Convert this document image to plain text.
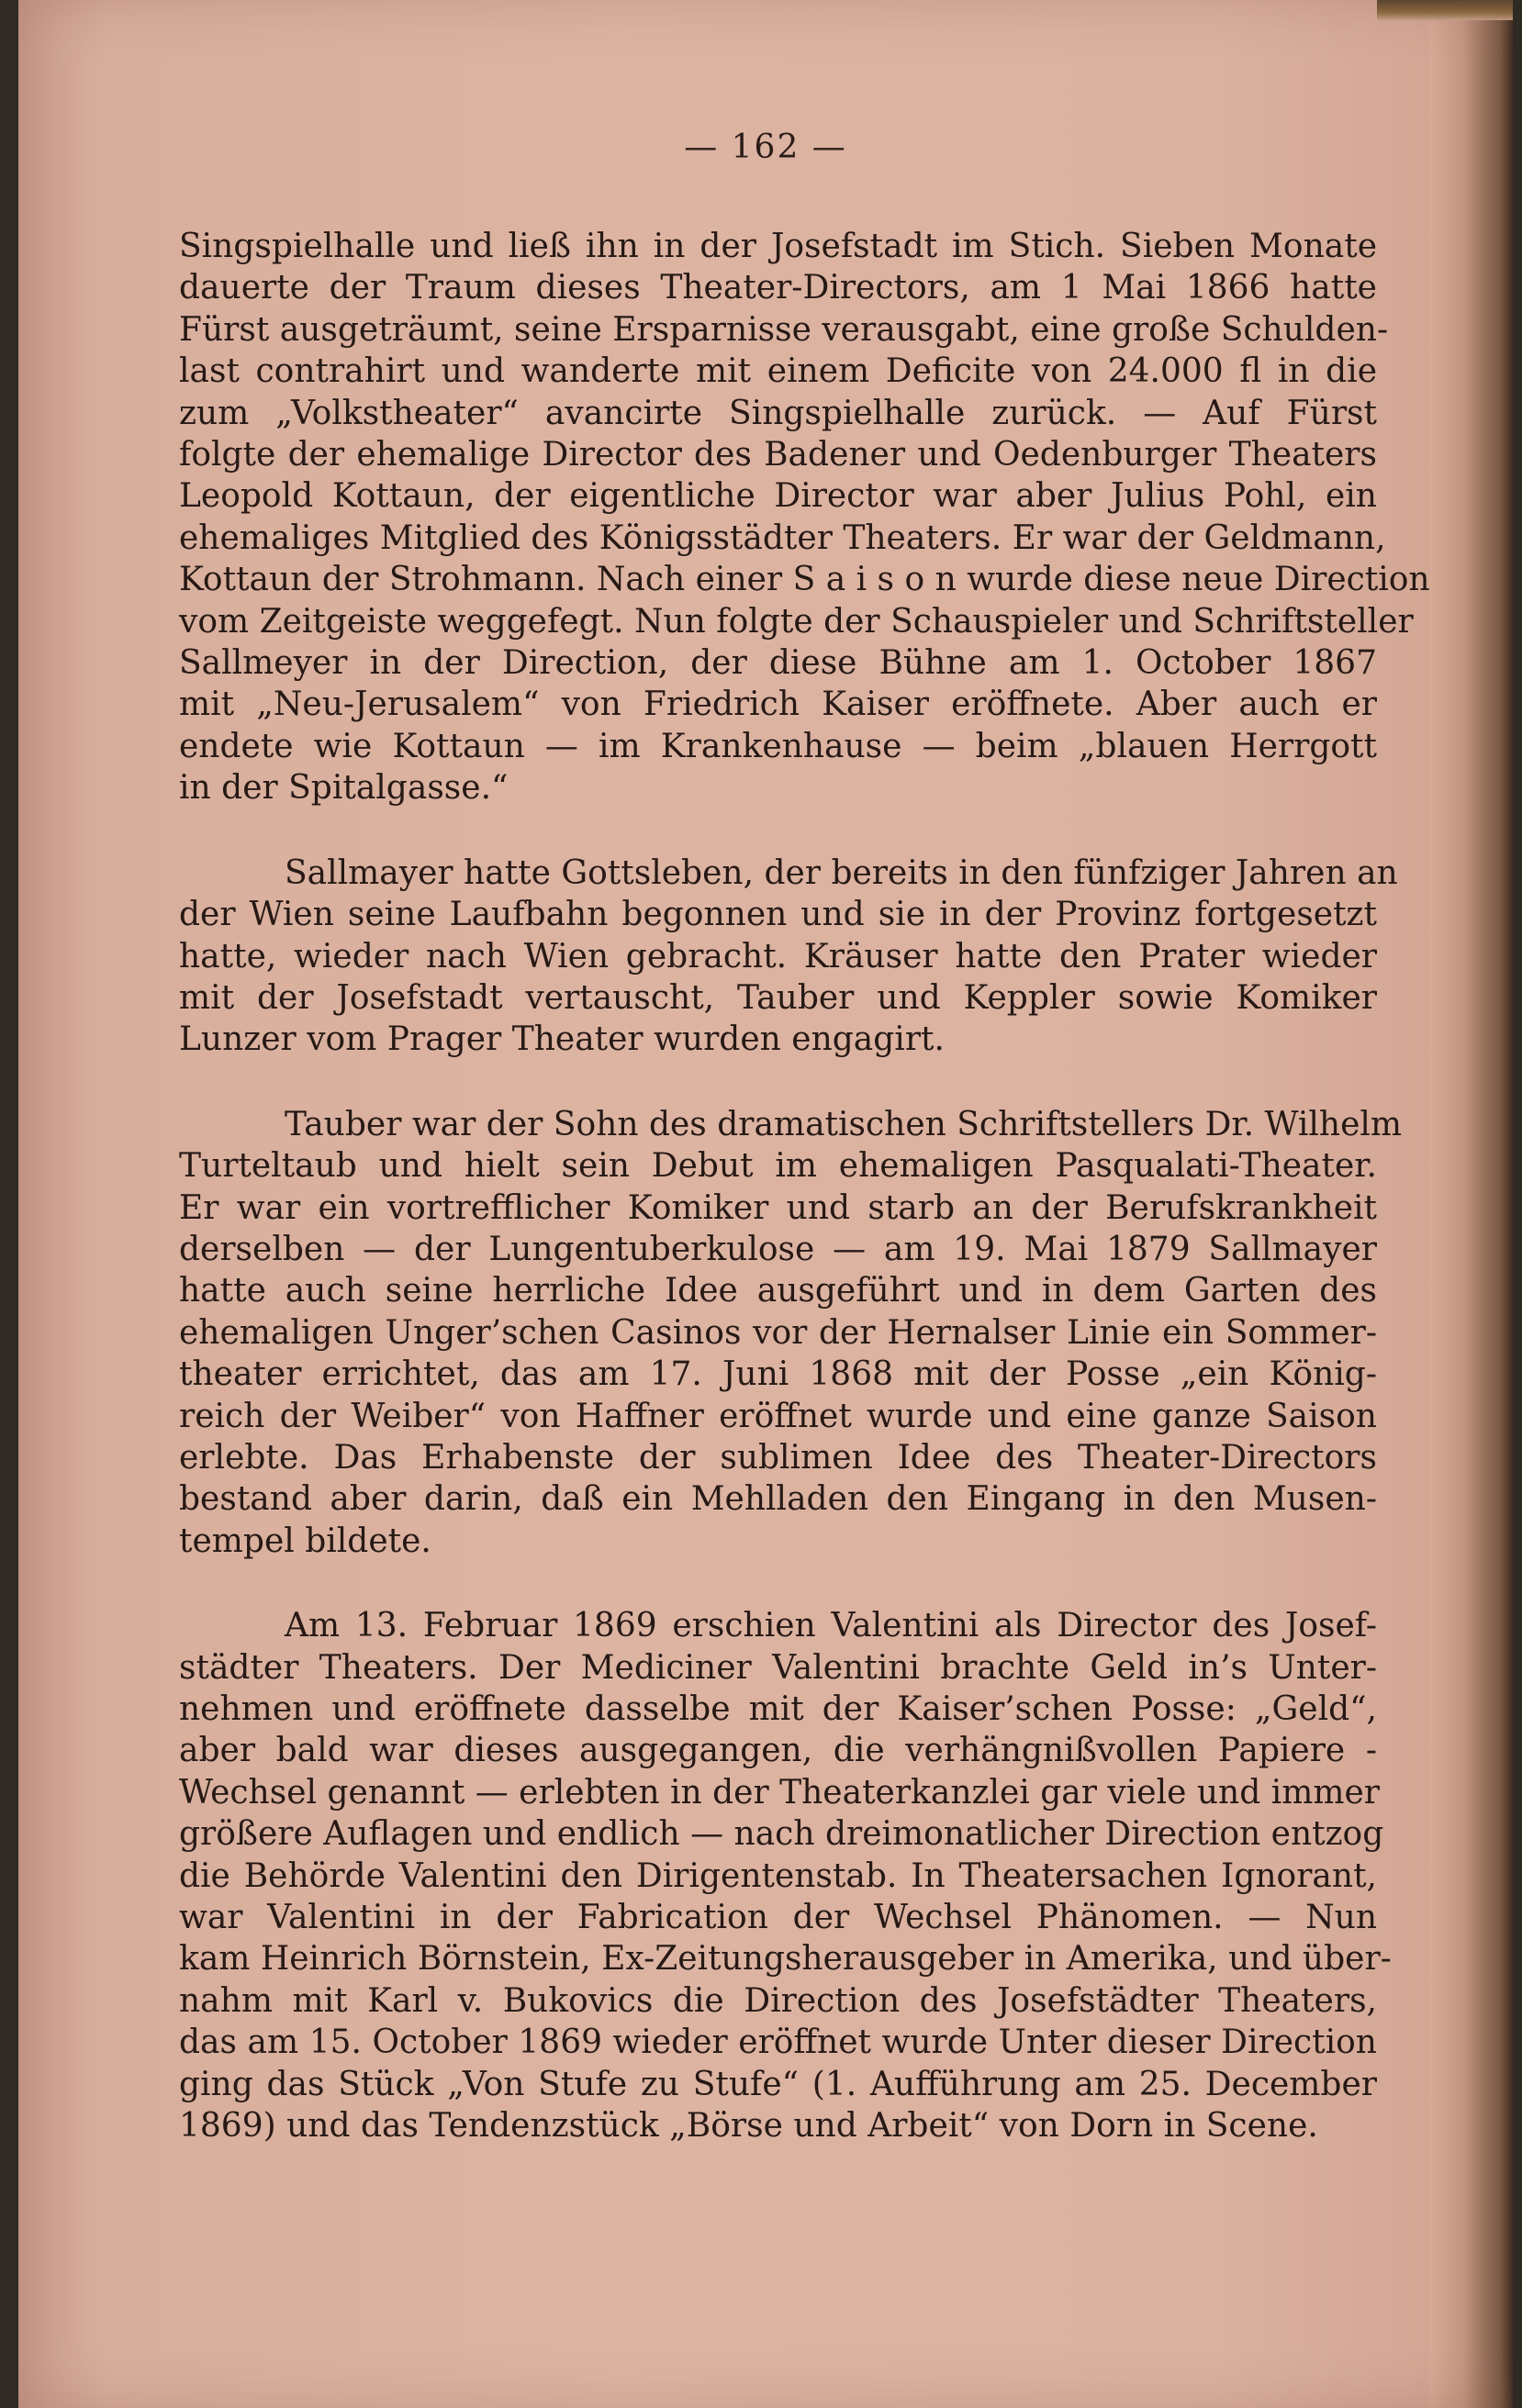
— 162 —
Singspielhalle und ließ ihn in der Josefstadt im Stich. Sieben Monate
dauerte der Traum dieses Theater-Directors, am 1 Mai 1866 hatte
Fürst ausgeträumt, seine Ersparnisse verausgabt, eine große Schulden-
last contrahirt und wanderte mit einem Deficite von 24.000 fl in die
zum „Volkstheater“ avancirte Singspielhalle zurück. — Auf Fürst
folgte der ehemalige Director des Badener und Oedenburger Theaters
Leopold Kottaun, der eigentliche Director war aber Julius Pohl, ein
ehemaliges Mitglied des Königsstädter Theaters. Er war der Geldmann,
Kottaun der Strohmann. Nach einer S a i s o n wurde diese neue Direction
vom Zeitgeiste weggefegt. Nun folgte der Schauspieler und Schriftsteller
Sallmeyer in der Direction, der diese Bühne am 1. October 1867
mit „Neu-Jerusalem“ von Friedrich Kaiser eröffnete. Aber auch er
endete wie Kottaun — im Krankenhause — beim „blauen Herrgott
in der Spitalgasse.“
Sallmayer hatte Gottsleben, der bereits in den fünfziger Jahren an
der Wien seine Laufbahn begonnen und sie in der Provinz fortgesetzt
hatte, wieder nach Wien gebracht. Kräuser hatte den Prater wieder
mit der Josefstadt vertauscht, Tauber und Keppler sowie Komiker
Lunzer vom Prager Theater wurden engagirt.
Tauber war der Sohn des dramatischen Schriftstellers Dr. Wilhelm
Turteltaub und hielt sein Debut im ehemaligen Pasqualati-Theater.
Er war ein vortrefflicher Komiker und starb an der Berufskrankheit
derselben — der Lungentuberkulose — am 19. Mai 1879 Sallmayer
hatte auch seine herrliche Idee ausgeführt und in dem Garten des
ehemaligen Unger’schen Casinos vor der Hernalser Linie ein Sommer-
theater errichtet, das am 17. Juni 1868 mit der Posse „ein König-
reich der Weiber“ von Haffner eröffnet wurde und eine ganze Saison
erlebte. Das Erhabenste der sublimen Idee des Theater-Directors
bestand aber darin, daß ein Mehlladen den Eingang in den Musen-
tempel bildete.
Am 13. Februar 1869 erschien Valentini als Director des Josef-
städter Theaters. Der Mediciner Valentini brachte Geld in’s Unter-
nehmen und eröffnete dasselbe mit der Kaiser’schen Posse: „Geld“,
aber bald war dieses ausgegangen, die verhängnißvollen Papiere -
Wechsel genannt — erlebten in der Theaterkanzlei gar viele und immer
größere Auflagen und endlich — nach dreimonatlicher Direction entzog
die Behörde Valentini den Dirigentenstab. In Theatersachen Ignorant,
war Valentini in der Fabrication der Wechsel Phänomen. — Nun
kam Heinrich Börnstein, Ex-Zeitungsherausgeber in Amerika, und über-
nahm mit Karl v. Bukovics die Direction des Josefstädter Theaters,
das am 15. October 1869 wieder eröffnet wurde Unter dieser Direction
ging das Stück „Von Stufe zu Stufe“ (1. Aufführung am 25. December
1869) und das Tendenzstück „Börse und Arbeit“ von Dorn in Scene.
